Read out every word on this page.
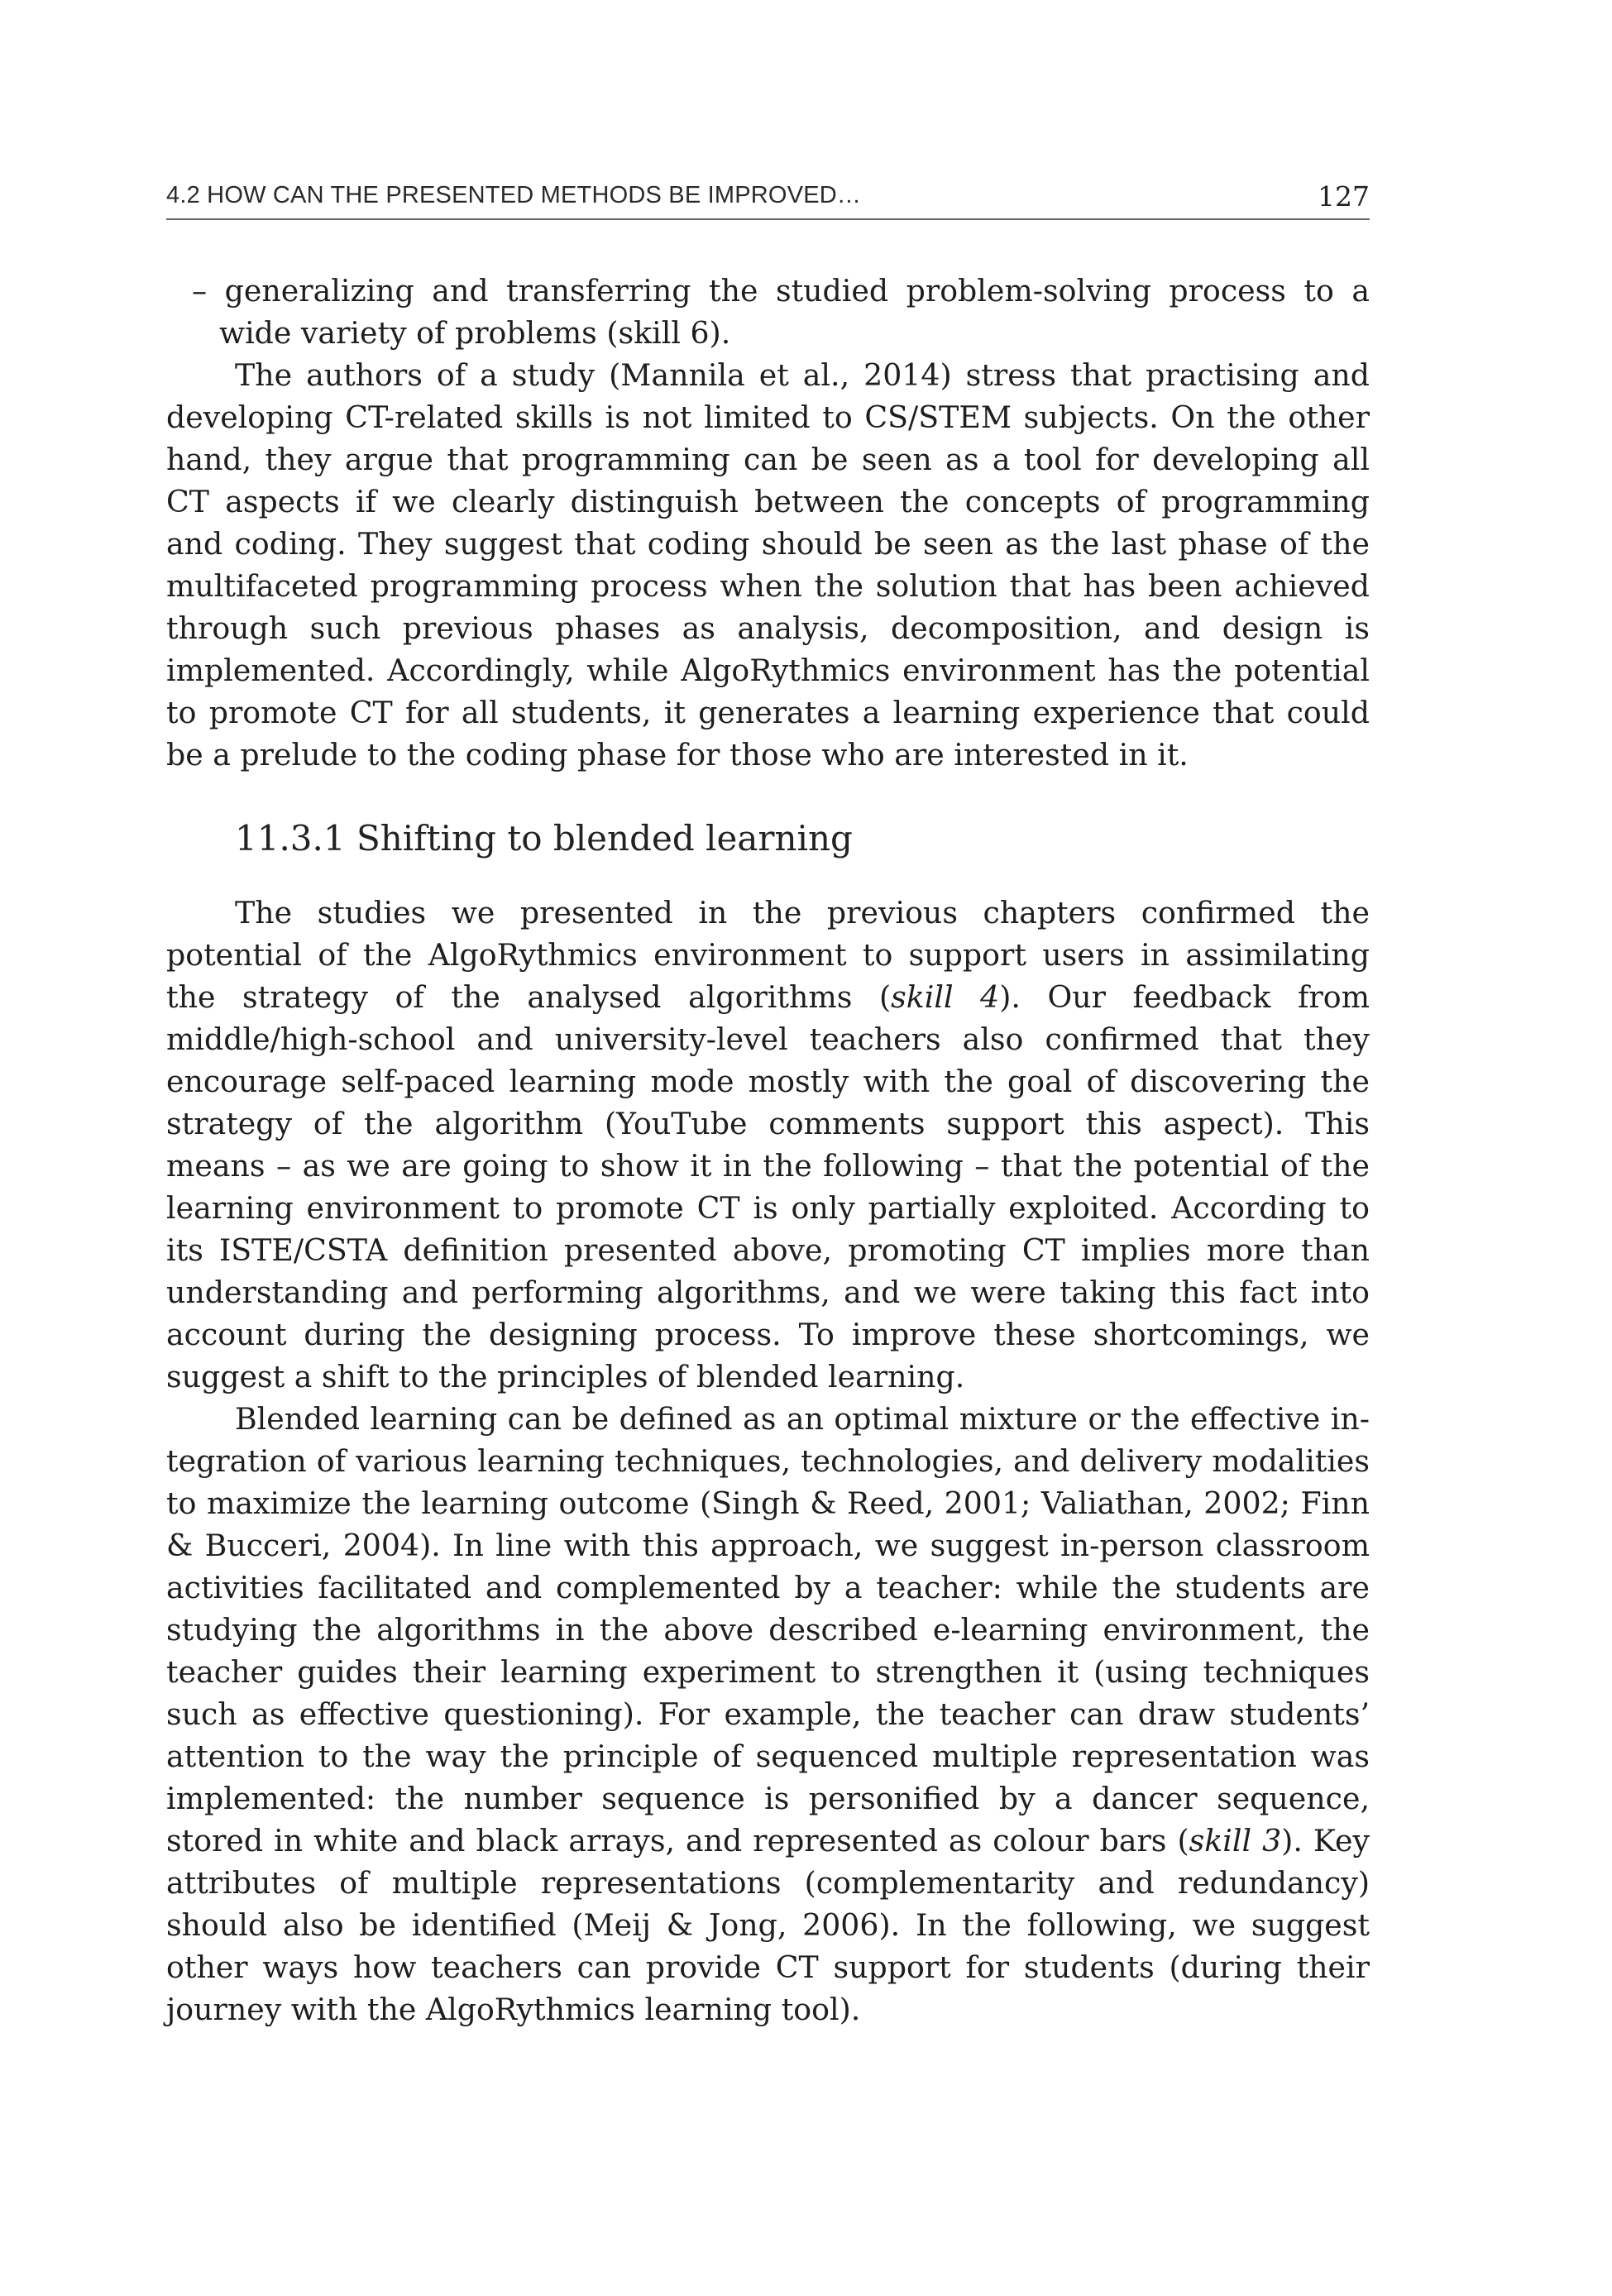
4.2 HOW CAN THE PRESENTED METHODS BE IMPROVED…	127

– generalizing and transferring the studied problem-solving process to a wide variety of problems (skill 6).

The authors of a study (Mannila et al., 2014) stress that practising and developing CT-related skills is not limited to CS/STEM subjects. On the other hand, they argue that programming can be seen as a tool for developing all CT aspects if we clearly distinguish between the concepts of programming and coding. They suggest that coding should be seen as the last phase of the multifaceted programming process when the solution that has been achieved through such previous phases as analysis, decomposition, and design is implemented. Accordingly, while AlgoRythmics environment has the potential to promote CT for all students, it generates a learning experience that could be a prelude to the coding phase for those who are interested in it.

11.3.1 Shifting to blended learning

The studies we presented in the previous chapters confirmed the potential of the AlgoRythmics environment to support users in assimilating the strategy of the analysed algorithms (skill 4). Our feedback from middle/high-school and university-level teachers also confirmed that they encourage self-paced learning mode mostly with the goal of discovering the strategy of the algorithm (YouTube comments support this aspect). This means – as we are going to show it in the following – that the potential of the learning environment to promote CT is only partially exploited. According to its ISTE/CSTA definition presented above, promoting CT implies more than understanding and performing algorithms, and we were taking this fact into account during the designing process. To improve these shortcomings, we suggest a shift to the principles of blended learning.

Blended learning can be defined as an optimal mixture or the effective integration of various learning techniques, technologies, and delivery modalities to maximize the learning outcome (Singh & Reed, 2001; Valiathan, 2002; Finn & Bucceri, 2004). In line with this approach, we suggest in-person classroom activities facilitated and complemented by a teacher: while the students are studying the algorithms in the above described e-learning environment, the teacher guides their learning experiment to strengthen it (using techniques such as effective questioning). For example, the teacher can draw students’ attention to the way the principle of sequenced multiple representation was implemented: the number sequence is personified by a dancer sequence, stored in white and black arrays, and represented as colour bars (skill 3). Key attributes of multiple representations (complementarity and redundancy) should also be identified (Meij & Jong, 2006). In the following, we suggest other ways how teachers can provide CT support for students (during their journey with the AlgoRythmics learning tool).
